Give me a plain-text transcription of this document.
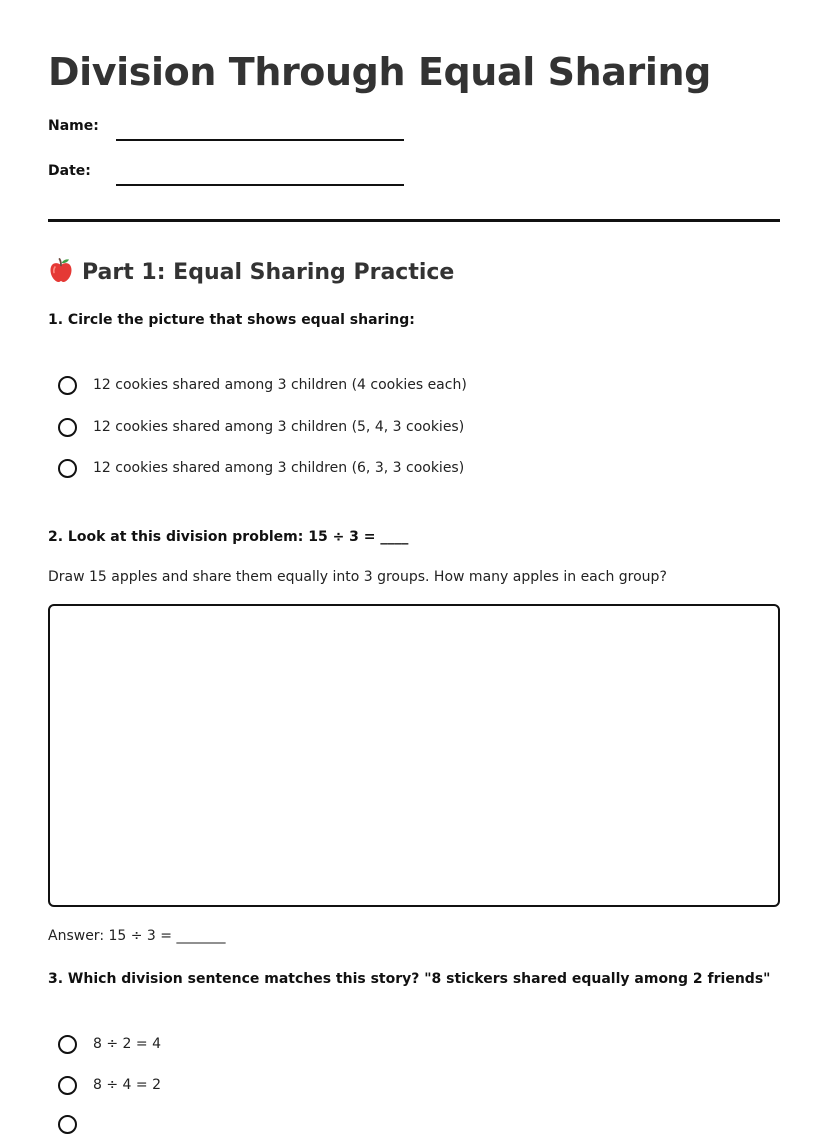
Division Through Equal Sharing
Name:
Date:
Part 1: Equal Sharing Practice
1. Circle the picture that shows equal sharing:
12 cookies shared among 3 children (4 cookies each)
12 cookies shared among 3 children (5, 4, 3 cookies)
12 cookies shared among 3 children (6, 3, 3 cookies)
2. Look at this division problem: 15 ÷ 3 = ____
Draw 15 apples and share them equally into 3 groups. How many apples in each group?
Answer: 15 ÷ 3 = _______
3. Which division sentence matches this story? "8 stickers shared equally among 2 friends"
8 ÷ 2 = 4
8 ÷ 4 = 2
